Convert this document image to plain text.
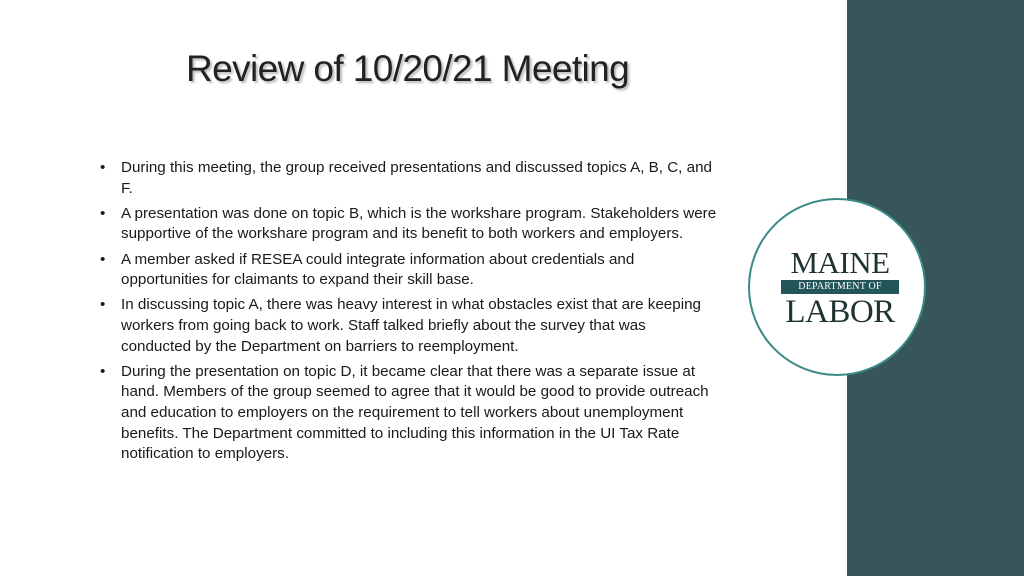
Review of 10/20/21 Meeting
• During this meeting, the group received presentations and discussed topics A, B, C, and F.
• A presentation was done on topic B, which is the workshare program. Stakeholders were supportive of the workshare program and its benefit to both workers and employers.
• A member asked if RESEA could integrate information about credentials and opportunities for claimants to expand their skill base.
• In discussing topic A, there was heavy interest in what obstacles exist that are keeping workers from going back to work. Staff talked briefly about the survey that was conducted by the Department on barriers to reemployment.
• During the presentation on topic D, it became clear that there was a separate issue at hand. Members of the group seemed to agree that it would be good to provide outreach and education to employers on the requirement to tell workers about unemployment benefits. The Department committed to including this information in the UI Tax Rate notification to employers.
MAINE
DEPARTMENT OF
LABOR
